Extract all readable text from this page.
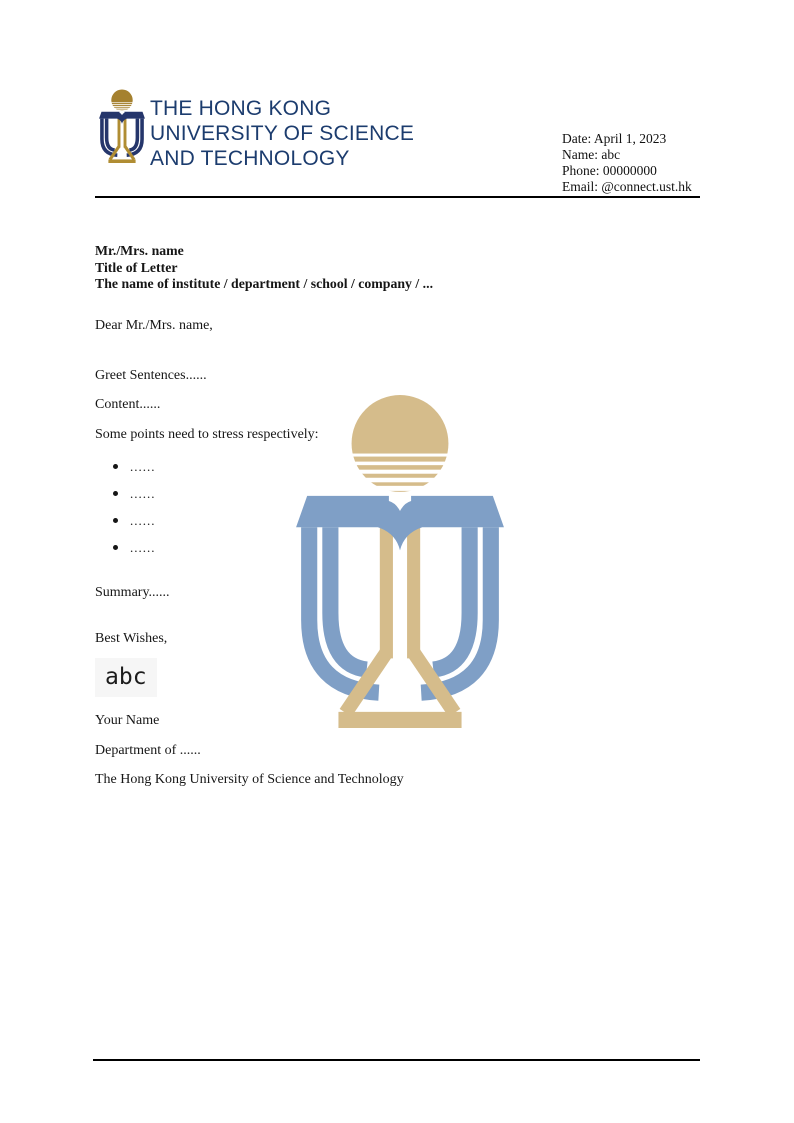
THE HONG KONG
UNIVERSITY OF SCIENCE
AND TECHNOLOGY
Date: April 1, 2023
Name: abc
Phone: 00000000
Email: @connect.ust.hk
Mr./Mrs. name
Title of Letter
The name of institute / department / school / company / ...
Dear Mr./Mrs. name,
Greet Sentences......
Content......
Some points need to stress respectively:
......
......
......
......
Summary......
Best Wishes,
abc
Your Name
Department of ......
The Hong Kong University of Science and Technology
